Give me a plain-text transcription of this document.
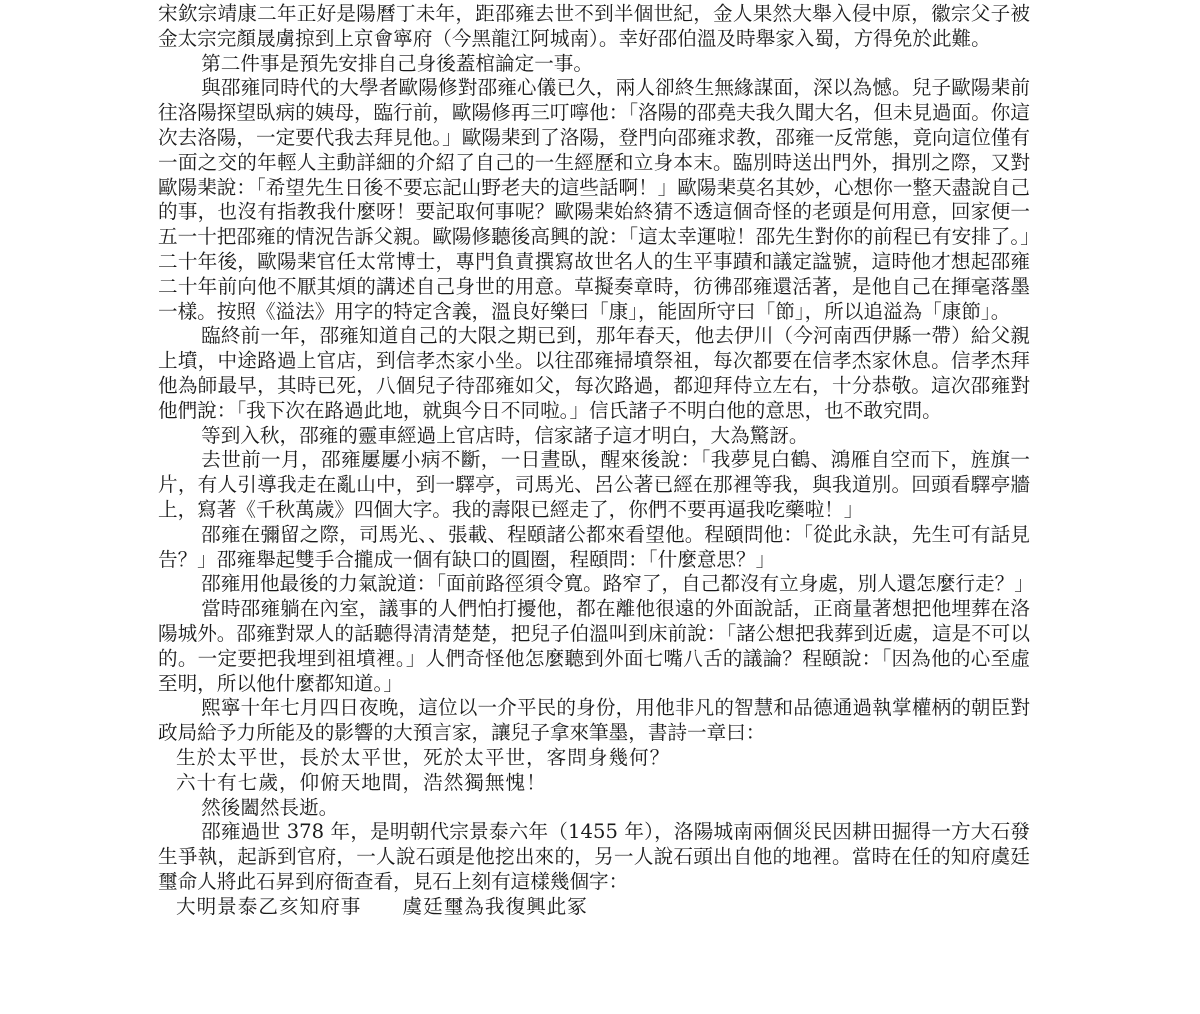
宋欽宗靖康二年正好是陽曆丁未年，距邵雍去世不到半個世紀，金人果然大舉入侵中原，徽宗父子被金太宗完顏晟虜掠到上京會寧府（今黑龍江阿城南）。幸好邵伯溫及時舉家入蜀，方得免於此難。

第二件事是預先安排自己身後蓋棺論定一事。

與邵雍同時代的大學者歐陽修對邵雍心儀已久，兩人卻終生無緣謀面，深以為憾。兒子歐陽棐前往洛陽探望臥病的姨母，臨行前，歐陽修再三叮嚀他：「洛陽的邵堯夫我久聞大名，但未見過面。你這次去洛陽，一定要代我去拜見他。」歐陽棐到了洛陽，登門向邵雍求教，邵雍一反常態，竟向這位僅有一面之交的年輕人主動詳細的介紹了自己的一生經歷和立身本末。臨別時送出門外，揖別之際，又對歐陽棐說：「希望先生日後不要忘記山野老夫的這些話啊！」歐陽棐莫名其妙，心想你一整天盡說自己的事，也沒有指教我什麼呀！要記取何事呢？歐陽棐始終猜不透這個奇怪的老頭是何用意，回家便一五一十把邵雍的情況告訴父親。歐陽修聽後高興的說：「這太幸運啦！邵先生對你的前程已有安排了。」二十年後，歐陽棐官任太常博士，專門負責撰寫故世名人的生平事蹟和議定諡號，這時他才想起邵雍二十年前向他不厭其煩的講述自己身世的用意。草擬奏章時，彷彿邵雍還活著，是他自己在揮毫落墨一樣。按照《溢法》用字的特定含義，溫良好樂曰「康」，能固所守曰「節」，所以追溢為「康節」。

臨終前一年，邵雍知道自己的大限之期已到，那年春天，他去伊川（今河南西伊縣一帶）給父親上墳，中途路過上官店，到信孝杰家小坐。以往邵雍掃墳祭祖，每次都要在信孝杰家休息。信孝杰拜他為師最早，其時已死，八個兒子待邵雍如父，每次路過，都迎拜侍立左右，十分恭敬。這次邵雍對他們說：「我下次在路過此地，就與今日不同啦。」信氏諸子不明白他的意思，也不敢究問。

等到入秋，邵雍的靈車經過上官店時，信家諸子這才明白，大為驚訝。

去世前一月，邵雍屢屢小病不斷，一日晝臥，醒來後說：「我夢見白鶴、鴻雁自空而下，旌旗一片，有人引導我走在亂山中，到一驛亭，司馬光、呂公著已經在那裡等我，與我道別。回頭看驛亭牆上，寫著《千秋萬歲》四個大字。我的壽限已經走了，你們不要再逼我吃藥啦！」

邵雍在彌留之際，司馬光、、張載、程頤諸公都來看望他。程頤問他：「從此永訣，先生可有話見告？」邵雍舉起雙手合攏成一個有缺口的圓圈，程頤問：「什麼意思？」

邵雍用他最後的力氣說道：「面前路徑須令寬。路窄了，自己都沒有立身處，別人還怎麼行走？」

當時邵雍躺在內室，議事的人們怕打擾他，都在離他很遠的外面說話，正商量著想把他埋葬在洛陽城外。邵雍對眾人的話聽得清清楚楚，把兒子伯溫叫到床前說：「諸公想把我葬到近處，這是不可以的。一定要把我埋到祖墳裡。」人們奇怪他怎麼聽到外面七嘴八舌的議論？程頤說：「因為他的心至虛至明，所以他什麼都知道。」

熙寧十年七月四日夜晚，這位以一介平民的身份，用他非凡的智慧和品德通過執掌權柄的朝臣對政局給予力所能及的影響的大預言家，讓兒子拿來筆墨，書詩一章曰：

生於太平世，長於太平世，死於太平世，客問身幾何？

六十有七歲，仰俯天地間，浩然獨無愧！

然後闔然長逝。

邵雍過世 378 年，是明朝代宗景泰六年（1455 年），洛陽城南兩個災民因耕田掘得一方大石發生爭執，起訴到官府，一人說石頭是他挖出來的，另一人說石頭出自他的地裡。當時在任的知府虞廷璽命人將此石昇到府衙查看，見石上刻有這樣幾個字：

大明景泰乙亥知府事　　虞廷璽為我復興此冢
